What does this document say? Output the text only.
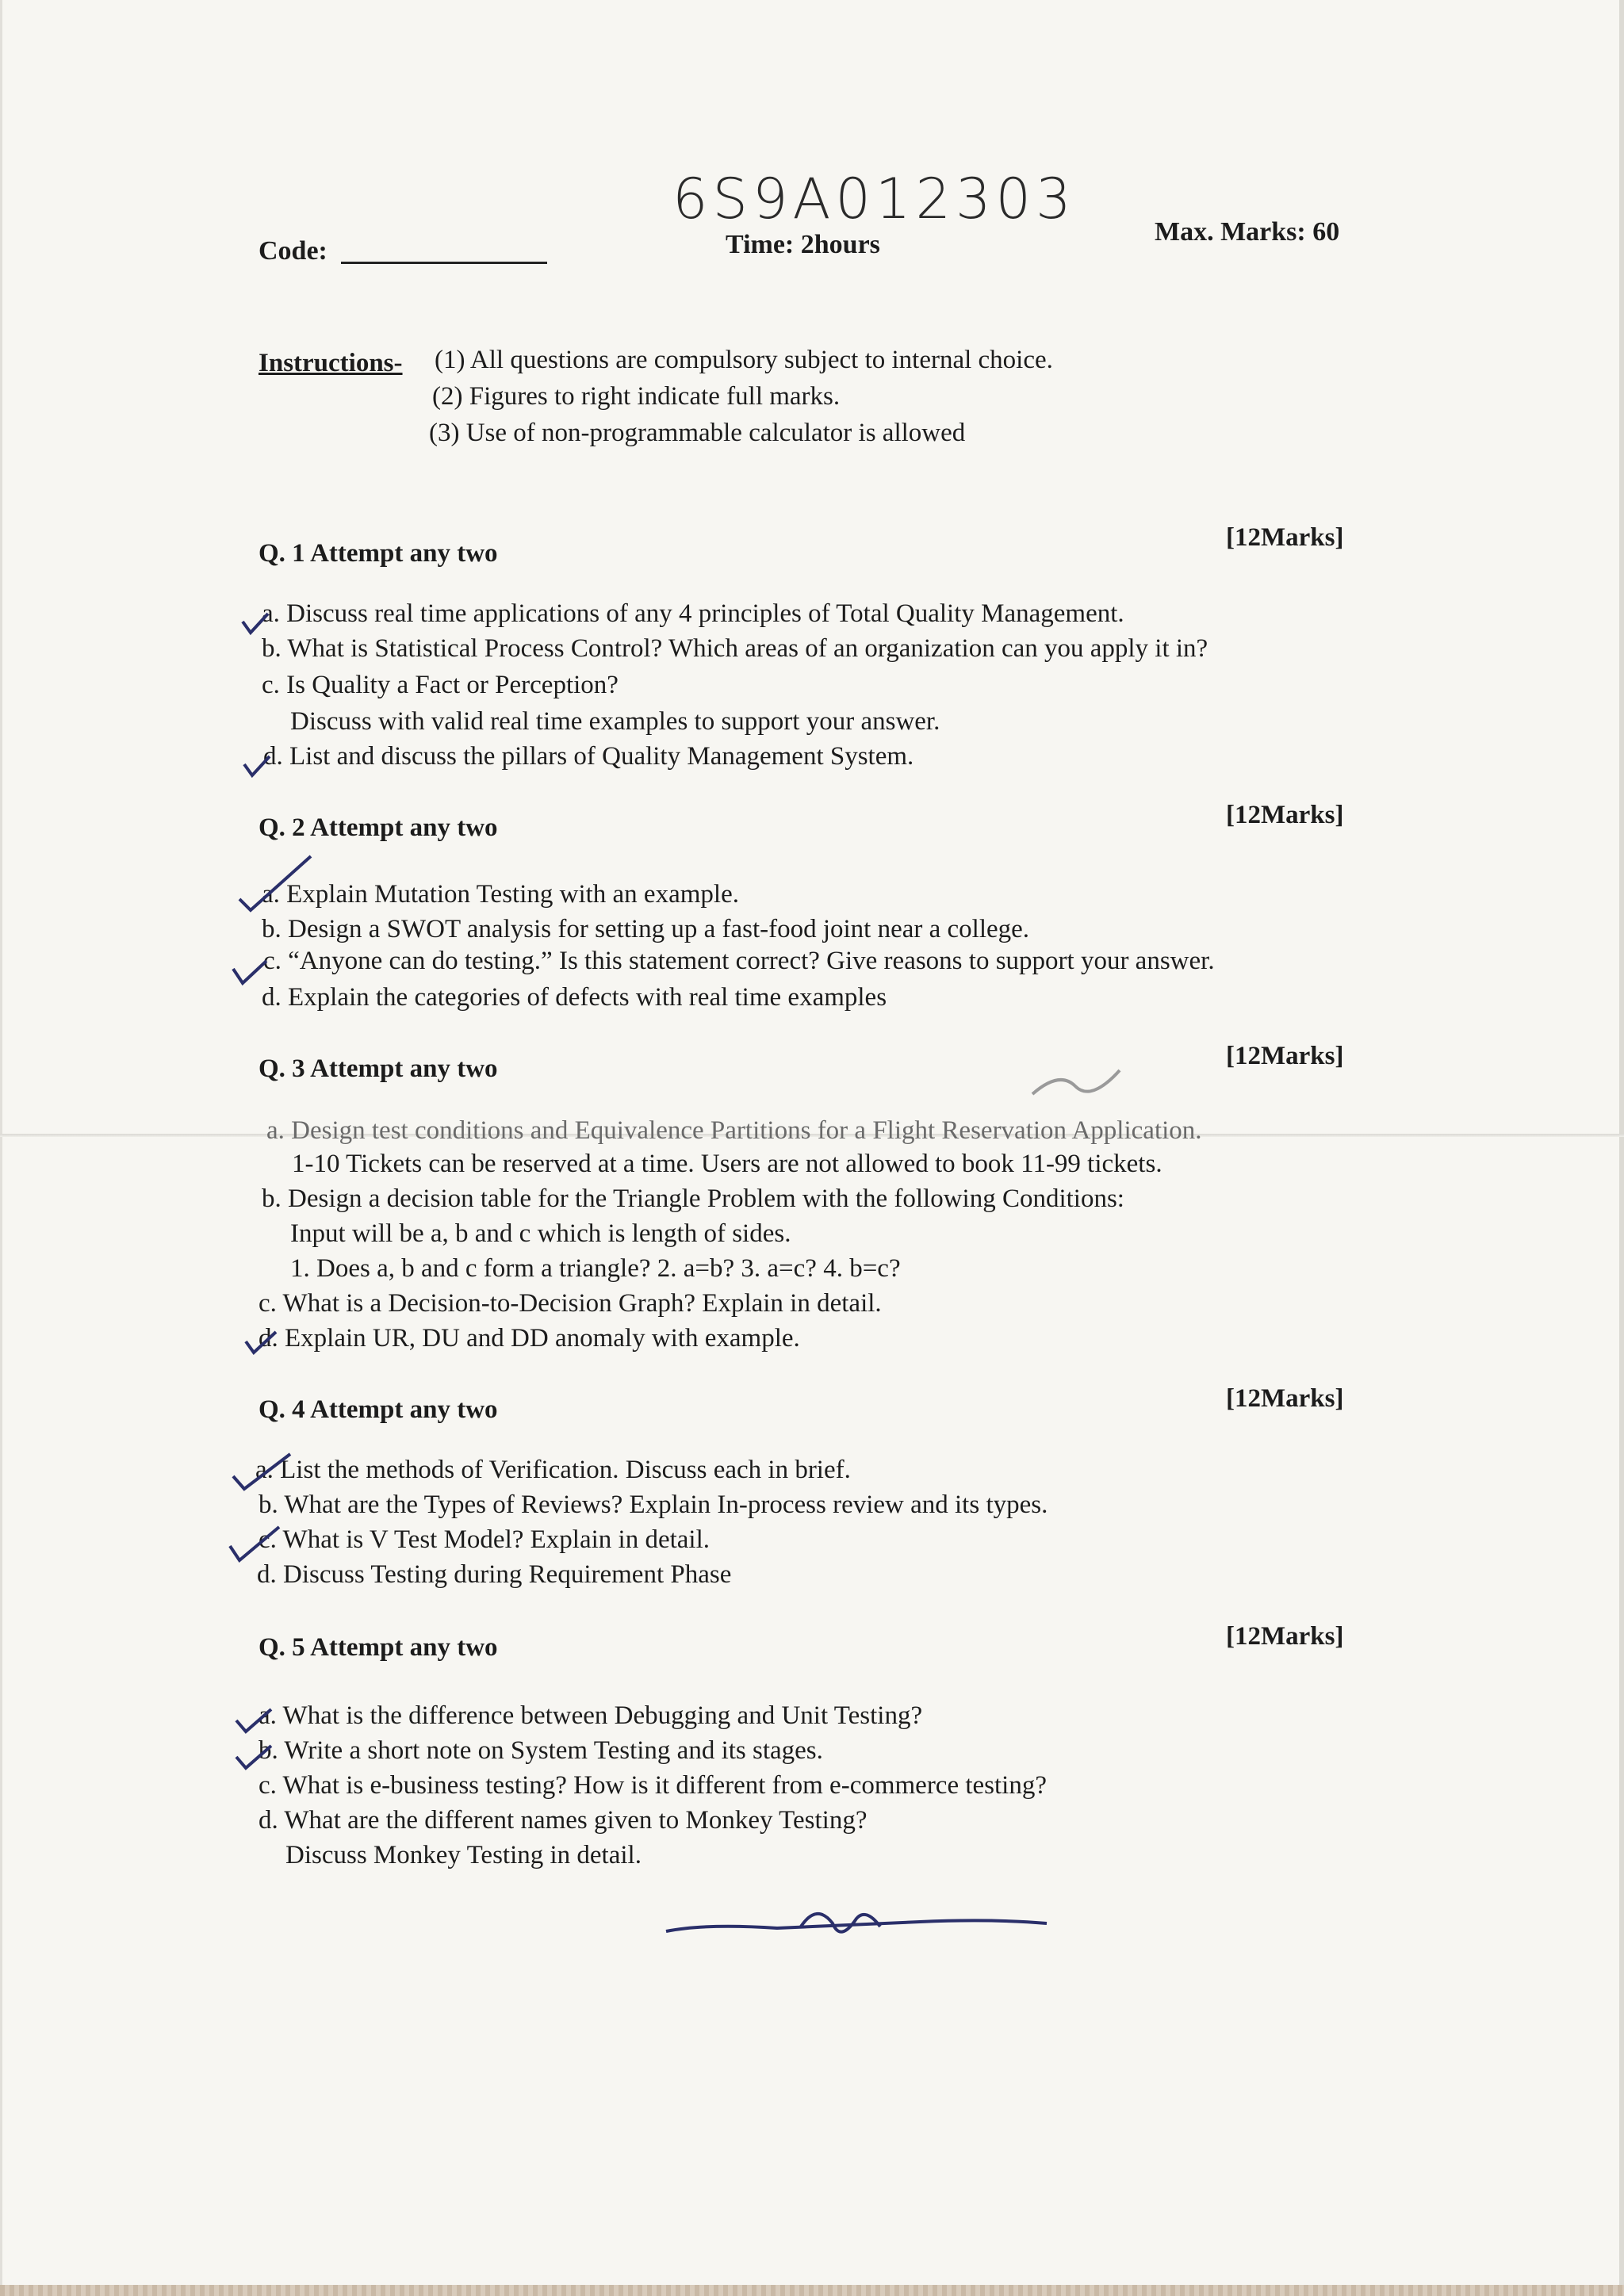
6S9A012303
Code:	Time: 2hours	Max. Marks: 60
Instructions- (1) All questions are compulsory subject to internal choice.
(2) Figures to right indicate full marks.
(3) Use of non-programmable calculator is allowed
Q. 1 Attempt any two
[12Marks]
a. Discuss real time applications of any 4 principles of Total Quality Management.
b. What is Statistical Process Control? Which areas of an organization can you apply it in?
c. Is Quality a Fact or Perception?
Discuss with valid real time examples to support your answer.
d. List and discuss the pillars of Quality Management System.
Q. 2 Attempt any two	[12Marks]
a. Explain Mutation Testing with an example.
b. Design a SWOT analysis for setting up a fast-food joint near a college.
c. “Anyone can do testing.” Is this statement correct? Give reasons to support your answer.
d. Explain the categories of defects with real time examples
Q. 3 Attempt any two	[12Marks]
a. Design test conditions and Equivalence Partitions for a Flight Reservation Application.
1-10 Tickets can be reserved at a time. Users are not allowed to book 11-99 tickets.
b. Design a decision table for the Triangle Problem with the following Conditions:
Input will be a, b and c which is length of sides.
1. Does a, b and c form a triangle? 2. a=b? 3. a=c? 4. b=c?
c. What is a Decision-to-Decision Graph? Explain in detail.
d. Explain UR, DU and DD anomaly with example.
Q. 4 Attempt any two	[12Marks]
a. List the methods of Verification. Discuss each in brief.
b. What are the Types of Reviews? Explain In-process review and its types.
c. What is V Test Model? Explain in detail.
d. Discuss Testing during Requirement Phase
Q. 5 Attempt any two	[12Marks]
a. What is the difference between Debugging and Unit Testing?
b. Write a short note on System Testing and its stages.
c. What is e-business testing? How is it different from e-commerce testing?
d. What are the different names given to Monkey Testing?
Discuss Monkey Testing in detail.
